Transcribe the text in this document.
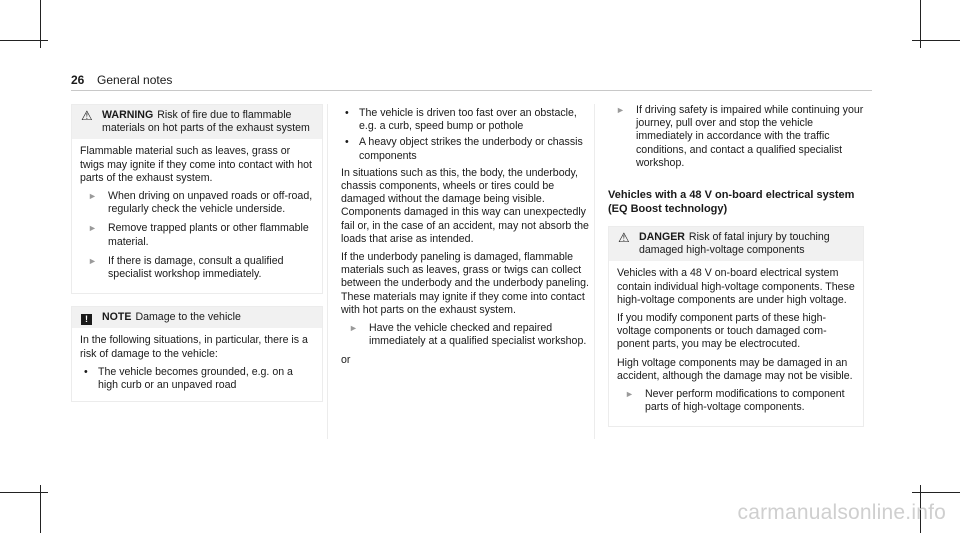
26 General notes
⚠ WARNING Risk of fire due to flammable materials on hot parts of the exhaust system

Flammable material such as leaves, grass or twigs may ignite if they come into contact with hot parts of the exhaust system.

►	When driving on unpaved roads or off-road, regularly check the vehicle underside.
►	Remove trapped plants or other flammable material.
►	If there is damage, consult a qualified specialist workshop immediately.
!	NOTE Damage to the vehicle

In the following situations, in particular, there is a risk of damage to the vehicle:

• The vehicle becomes grounded, e.g. on a high curb or an unpaved road
• The vehicle is driven too fast over an obstacle, e.g. a curb, speed bump or pothole
• A heavy object strikes the underbody or chassis components

In situations such as this, the body, the underbody, chassis components, wheels or tires could be damaged without the damage being visible. Components damaged in this way can unexpectedly fail or, in the case of an accident, may not absorb the loads that arise as intended.

If the underbody paneling is damaged, flammable materials such as leaves, grass or twigs can collect between the underbody and the underbody paneling. These materials may ignite if they come into contact with hot parts on the exhaust system.

►	Have the vehicle checked and repaired immediately at a qualified specialist workshop.

or

►	If driving safety is impaired while continuing your journey, pull over and stop the vehicle immediately in accordance with the traffic conditions, and contact a qualified specialist workshop.
Vehicles with a 48 V on-board electrical system (EQ Boost technology)
⚠ DANGER Risk of fatal injury by touching damaged high-voltage components

Vehicles with a 48 V on-board electrical system contain individual high-voltage components. These high-voltage components are under high voltage.

If you modify component parts of these high-voltage components or touch damaged component parts, you may be electrocuted.

High voltage components may be damaged in an accident, although the damage may not be visible.

►	Never perform modifications to component parts of high-voltage components.
carmanualsonline.info
